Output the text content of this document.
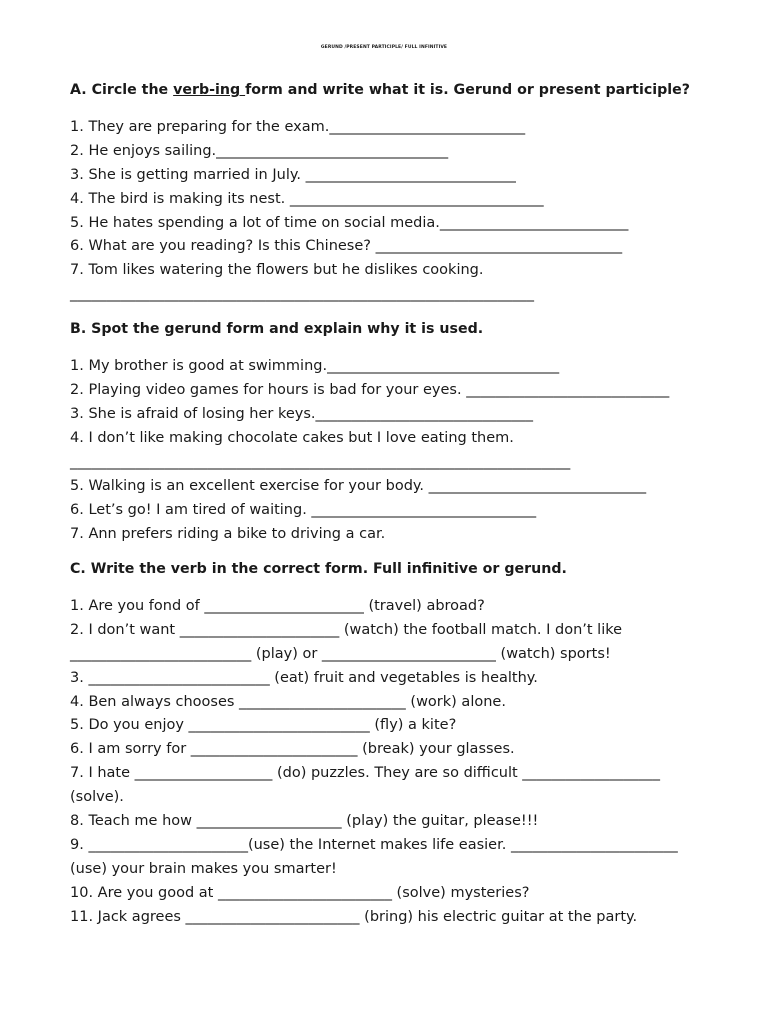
GERUND /PRESENT PARTICIPLE/ FULL INFINITIVE
A. Circle the verb-ing form and write what it is. Gerund or present participle?
1. They are preparing for the exam.___________________________
2. He enjoys sailing.________________________________
3. She is getting married in July. _____________________________
4. The bird is making its nest. ___________________________________
5. He hates spending a lot of time on social media.__________________________
6. What are you reading? Is this Chinese? __________________________________
7. Tom likes watering the flowers but he dislikes cooking.
________________________________________________________________
B. Spot the gerund form and explain why it is used.
1. My brother is good at swimming.________________________________
2. Playing video games for hours is bad for your eyes. ____________________________
3. She is afraid of losing her keys.______________________________
4. I don’t like making chocolate cakes but I love eating them.
_____________________________________________________________________
5. Walking is an excellent exercise for your body. ______________________________
6. Let’s go! I am tired of waiting. _______________________________
7. Ann prefers riding a bike to driving a car.
C. Write the verb in the correct form. Full infinitive or gerund.
1. Are you fond of ______________________ (travel) abroad?
2. I don’t want ______________________ (watch) the football match. I don’t like
_________________________ (play) or ________________________ (watch) sports!
3. _________________________ (eat) fruit and vegetables is healthy.
4. Ben always chooses _______________________ (work) alone.
5. Do you enjoy _________________________ (fly) a kite?
6. I am sorry for _______________________ (break) your glasses.
7. I hate ___________________ (do) puzzles. They are so difficult ___________________
(solve).
8. Teach me how ____________________ (play) the guitar, please!!!
9. ______________________(use) the Internet makes life easier. _______________________
(use) your brain makes you smarter!
10. Are you good at ________________________ (solve) mysteries?
11. Jack agrees ________________________ (bring) his electric guitar at the party.
